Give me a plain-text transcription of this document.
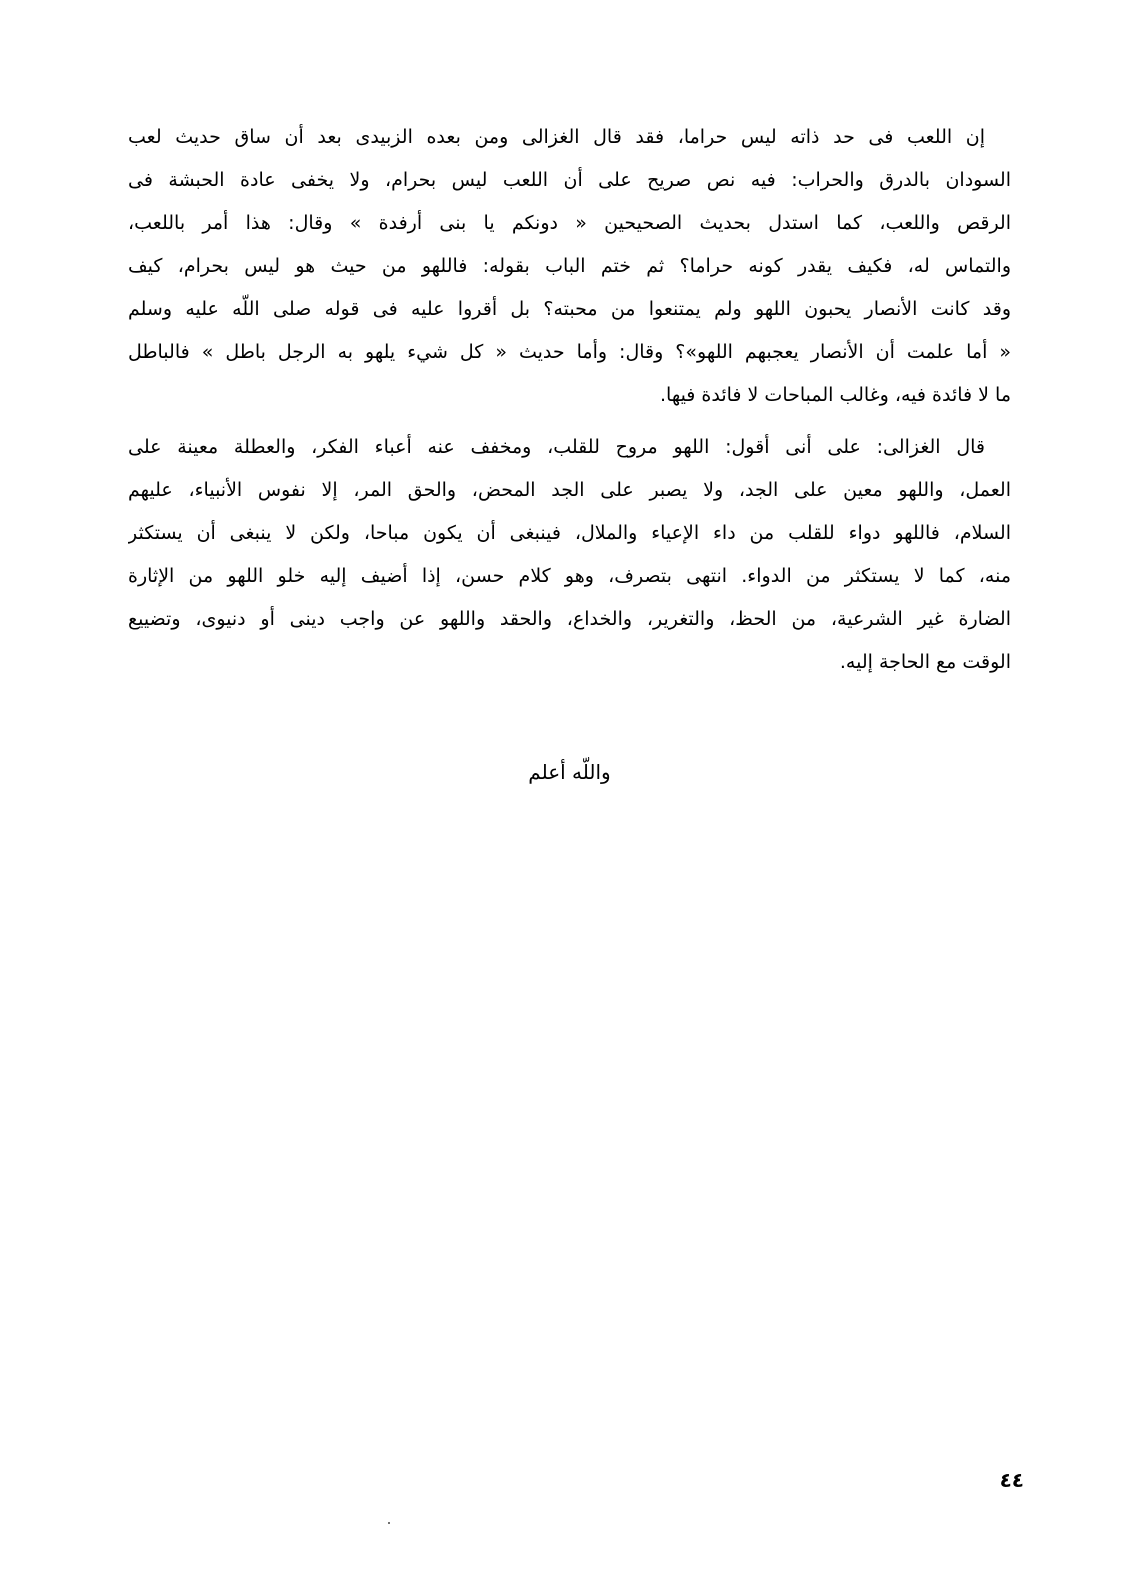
إن اللعب فى حد ذاته ليس حراما، فقد قال الغزالى ومن بعده الزبيدى بعد أن ساق حديث لعب
السودان بالدرق والحراب: فيه نص صريح على أن اللعب ليس بحرام، ولا يخفى عادة الحبشة فى
الرقص واللعب، كما استدل بحديث الصحيحين « دونكم يا بنى أرفدة » وقال: هذا أمر باللعب،
والتماس له، فكيف يقدر كونه حراما؟ ثم ختم الباب بقوله: فاللهو من حيث هو ليس بحرام، كيف
وقد كانت الأنصار يحبون اللهو ولم يمتنعوا من محبته؟ بل أقروا عليه فى قوله صلى اللّه عليه وسلم
« أما علمت أن الأنصار يعجبهم اللهو»؟ وقال: وأما حديث « كل شيء يلهو به الرجل باطل » فالباطل
ما لا فائدة فيه، وغالب المباحات لا فائدة فيها.
قال الغزالى: على أنى أقول: اللهو مروح للقلب، ومخفف عنه أعباء الفكر، والعطلة معينة على
العمل، واللهو معين على الجد، ولا يصبر على الجد المحض، والحق المر، إلا نفوس الأنبياء، عليهم
السلام، فاللهو دواء للقلب من داء الإعياء والملال، فينبغى أن يكون مباحا، ولكن لا ينبغى أن يستكثر
منه، كما لا يستكثر من الدواء. انتهى بتصرف، وهو كلام حسن، إذا أضيف إليه خلو اللهو من الإثارة
الضارة غير الشرعية، من الحظ، والتغرير، والخداع، والحقد واللهو عن واجب دينى أو دنيوى، وتضييع
الوقت مع الحاجة إليه.
واللّه أعلم
٤٤
